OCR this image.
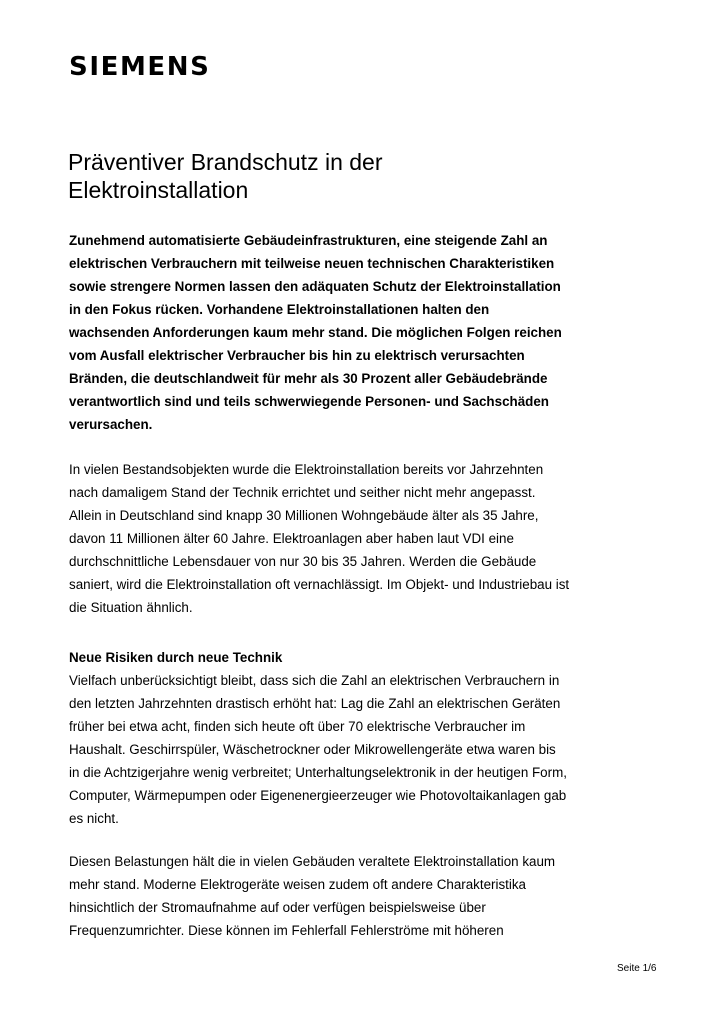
SIEMENS
Präventiver Brandschutz in der
Elektroinstallation

Zunehmend automatisierte Gebäudeinfrastrukturen, eine steigende Zahl an
elektrischen Verbrauchern mit teilweise neuen technischen Charakteristiken
sowie strengere Normen lassen den adäquaten Schutz der Elektroinstallation
in den Fokus rücken. Vorhandene Elektroinstallationen halten den
wachsenden Anforderungen kaum mehr stand. Die möglichen Folgen reichen
vom Ausfall elektrischer Verbraucher bis hin zu elektrisch verursachten
Bränden, die deutschlandweit für mehr als 30 Prozent aller Gebäudebrände
verantwortlich sind und teils schwerwiegende Personen- und Sachschäden
verursachen.

In vielen Bestandsobjekten wurde die Elektroinstallation bereits vor Jahrzehnten
nach damaligem Stand der Technik errichtet und seither nicht mehr angepasst.
Allein in Deutschland sind knapp 30 Millionen Wohngebäude älter als 35 Jahre,
davon 11 Millionen älter 60 Jahre. Elektroanlagen aber haben laut VDI eine
durchschnittliche Lebensdauer von nur 30 bis 35 Jahren. Werden die Gebäude
saniert, wird die Elektroinstallation oft vernachlässigt. Im Objekt- und Industriebau ist
die Situation ähnlich.

Neue Risiken durch neue Technik

Vielfach unberücksichtigt bleibt, dass sich die Zahl an elektrischen Verbrauchern in
den letzten Jahrzehnten drastisch erhöht hat: Lag die Zahl an elektrischen Geräten
früher bei etwa acht, finden sich heute oft über 70 elektrische Verbraucher im
Haushalt. Geschirrspüler, Wäschetrockner oder Mikrowellengeräte etwa waren bis
in die Achtzigerjahre wenig verbreitet; Unterhaltungselektronik in der heutigen Form,
Computer, Wärmepumpen oder Eigenenergieerzeuger wie Photovoltaikanlagen gab
es nicht.

Diesen Belastungen hält die in vielen Gebäuden veraltete Elektroinstallation kaum
mehr stand. Moderne Elektrogeräte weisen zudem oft andere Charakteristika
hinsichtlich der Stromaufnahme auf oder verfügen beispielsweise über
Frequenzumrichter. Diese können im Fehlerfall Fehlerströme mit höheren

Seite 1/6
